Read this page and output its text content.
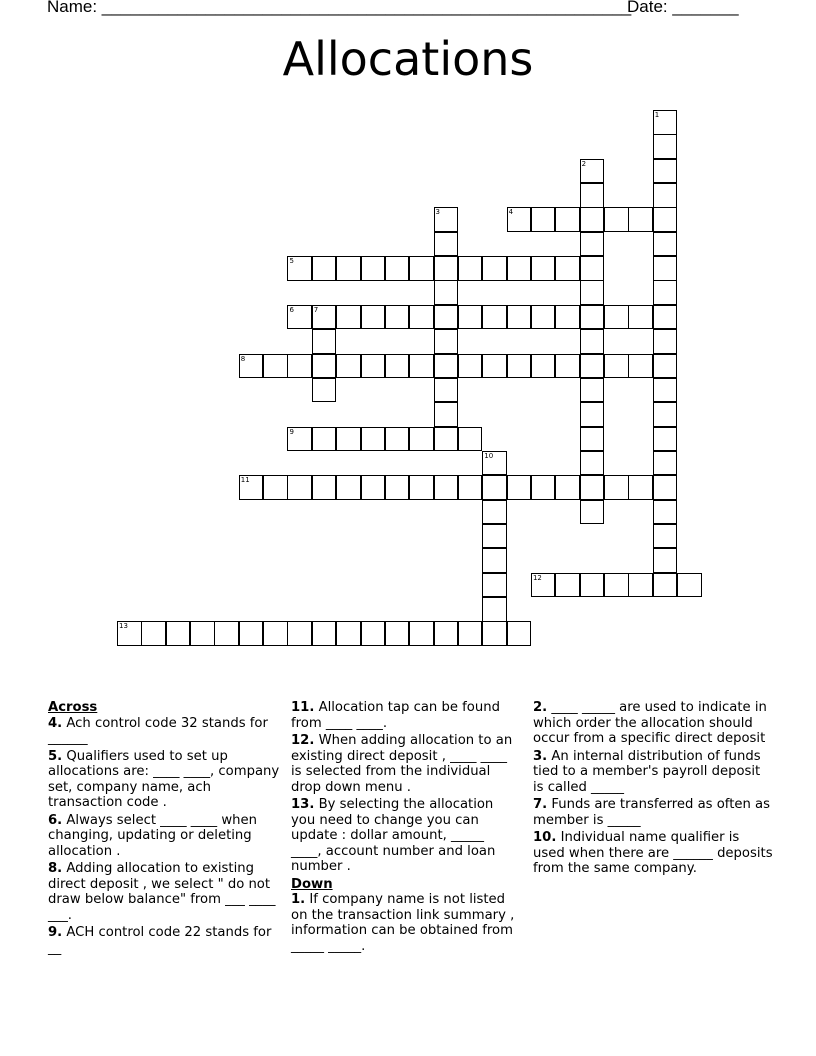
Name: ________________________________________________________
Date: _______
Allocations
1
2
3	4
5
6	7
8
9
10
11
12
13
Across
4. Ach control code 32 stands for ______
5. Qualifiers used to set up allocations are: ____ ____, company set, company name, ach transaction code .
6. Always select ____ ____ when changing, updating or deleting allocation .
8. Adding allocation to existing direct deposit , we select " do not draw below balance" from ___ ____ ___.
9. ACH control code 22 stands for __
11. Allocation tap can be found from ____ ____.
12. When adding allocation to an existing direct deposit , ____ ____ is selected from the individual drop down menu .
13. By selecting the allocation you need to change you can update : dollar amount, _____ ____, account number and loan number .
Down
1. If company name is not listed on the transaction link summary , information can be obtained from _____ _____.
2. ____ _____ are used to indicate in which order the allocation should occur from a specific direct deposit
3. An internal distribution of funds tied to a member's payroll deposit is called _____
7. Funds are transferred as often as member is _____
10. Individual name qualifier is used when there are ______ deposits from the same company.
